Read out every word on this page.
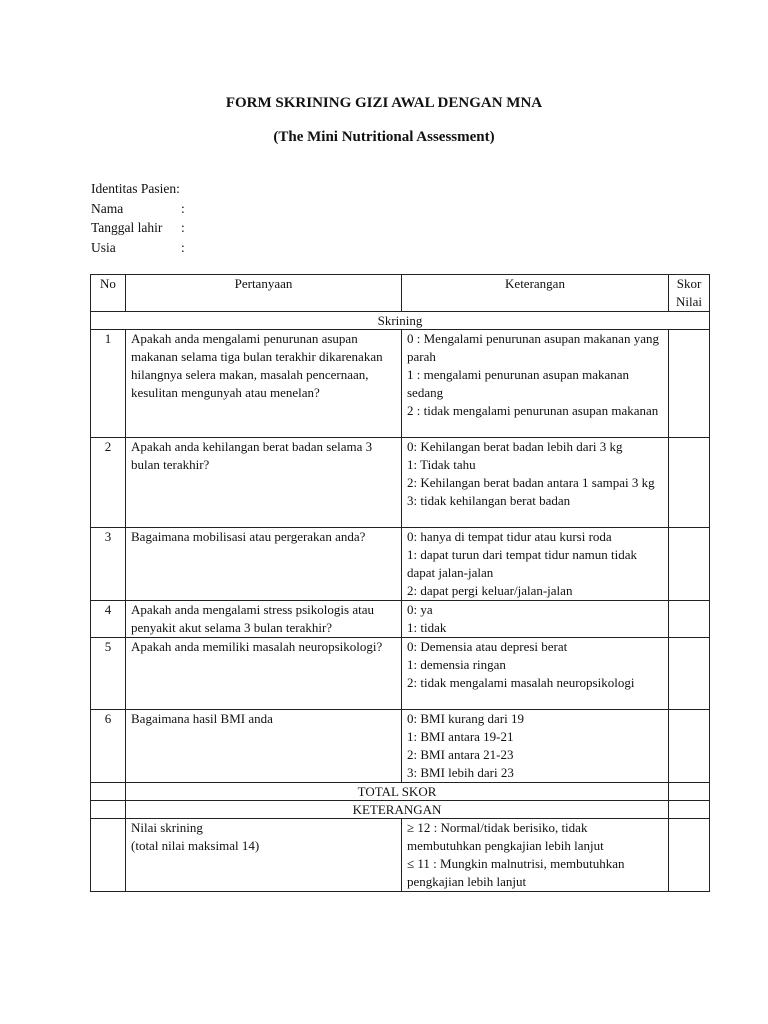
FORM SKRINING GIZI AWAL DENGAN MNA
(The Mini Nutritional Assessment)
Identitas Pasien:
Nama	:
Tanggal lahir	:
Usia	:
No	Pertanyaan	Keterangan	Skor
Nilai

Skrining			
1	Apakah anda mengalami penurunan asupan makanan selama tiga bulan terakhir dikarenakan hilangnya selera makan, masalah pencernaan, kesulitan mengunyah atau menelan?	0 : Mengalami penurunan asupan makanan yang parah
1 : mengalami penurunan asupan makanan sedang
2 : tidak mengalami penurunan asupan makanan	

2	Apakah anda kehilangan berat badan selama 3 bulan terakhir?	0: Kehilangan berat badan lebih dari 3 kg
1: Tidak tahu
2: Kehilangan berat badan antara 1 sampai 3 kg
3: tidak kehilangan berat badan	

3	Bagaimana mobilisasi atau pergerakan anda?	0: hanya di tempat tidur atau kursi roda
1: dapat turun dari tempat tidur namun tidak dapat jalan-jalan
2: dapat pergi keluar/jalan-jalan	

4	Apakah anda mengalami stress psikologis atau penyakit akut selama 3 bulan terakhir?	0: ya
1: tidak	

5	Apakah anda memiliki masalah neuropsikologi?	0: Demensia atau depresi berat
1: demensia ringan
2: tidak mengalami masalah neuropsikologi	

6	Bagaimana hasil BMI anda	0: BMI kurang dari 19
1: BMI antara 19-21
2: BMI antara 21-23
3: BMI lebih dari 23	

	TOTAL SKOR		
	KETERANGAN		

	Nilai skrining
(total nilai maksimal 14)	≥ 12 : Normal/tidak berisiko, tidak membutuhkan pengkajian lebih lanjut
≤ 11 : Mungkin malnutrisi, membutuhkan pengkajian lebih lanjut	
